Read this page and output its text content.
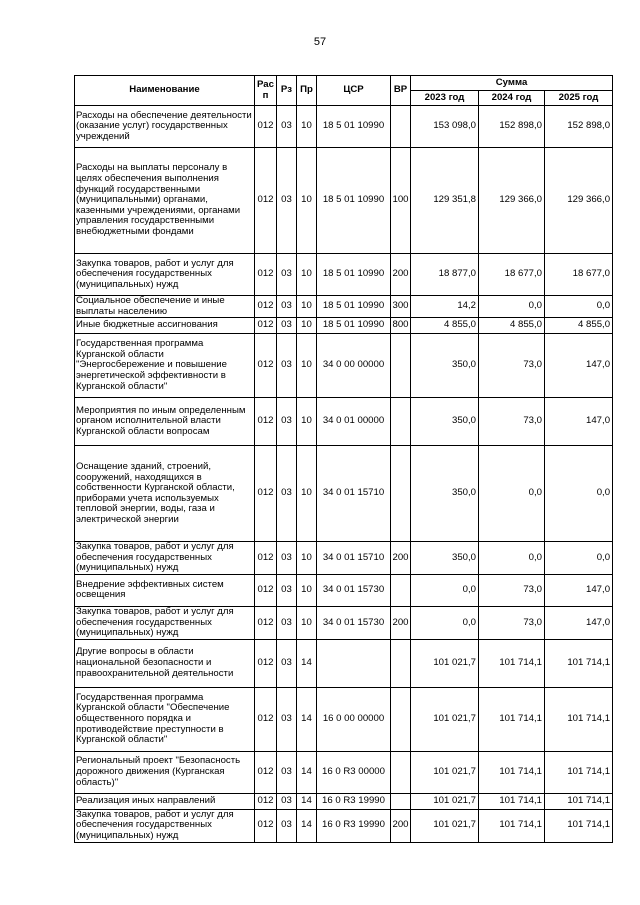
57
Наименование	Рас п	Рз	Пр	ЦСР	ВР	Сумма		
						2023 год	2024 год	2025 год
Расходы на обеспечение деятельности (оказание услуг) государственных учреждений	012	03	10	18 5 01 10990		153 098,0	152 898,0	152 898,0
Расходы на выплаты персоналу в целях обеспечения выполнения функций государственными (муниципальными) органами, казенными учреждениями, органами управления государственными внебюджетными фондами	012	03	10	18 5 01 10990	100	129 351,8	129 366,0	129 366,0
Закупка товаров, работ и услуг для обеспечения государственных (муниципальных) нужд	012	03	10	18 5 01 10990	200	18 877,0	18 677,0	18 677,0
Социальное обеспечение и иные выплаты населению	012	03	10	18 5 01 10990	300	14,2	0,0	0,0
Иные бюджетные ассигнования	012	03	10	18 5 01 10990	800	4 855,0	4 855,0	4 855,0
Государственная программа Курганской области "Энергосбережение и повышение энергетической эффективности в Курганской области"	012	03	10	34 0 00 00000		350,0	73,0	147,0
Мероприятия по иным определенным органом исполнительной власти Курганской области вопросам	012	03	10	34 0 01 00000		350,0	73,0	147,0
Оснащение зданий, строений, сооружений, находящихся в собственности Курганской области, приборами учета используемых тепловой энергии, воды, газа и электрической энергии	012	03	10	34 0 01 15710		350,0	0,0	0,0
Закупка товаров, работ и услуг для обеспечения государственных (муниципальных) нужд	012	03	10	34 0 01 15710	200	350,0	0,0	0,0
Внедрение эффективных систем освещения	012	03	10	34 0 01 15730		0,0	73,0	147,0
Закупка товаров, работ и услуг для обеспечения государственных (муниципальных) нужд	012	03	10	34 0 01 15730	200	0,0	73,0	147,0
Другие вопросы в области национальной безопасности и правоохранительной деятельности	012	03	14			101 021,7	101 714,1	101 714,1
Государственная программа Курганской области "Обеспечение общественного порядка и противодействие преступности в Курганской области"	012	03	14	16 0 00 00000		101 021,7	101 714,1	101 714,1
Региональный проект "Безопасность дорожного движения (Курганская область)"	012	03	14	16 0 R3 00000		101 021,7	101 714,1	101 714,1
Реализация иных направлений	012	03	14	16 0 R3 19990		101 021,7	101 714,1	101 714,1
Закупка товаров, работ и услуг для обеспечения государственных (муниципальных) нужд	012	03	14	16 0 R3 19990	200	101 021,7	101 714,1	101 714,1
